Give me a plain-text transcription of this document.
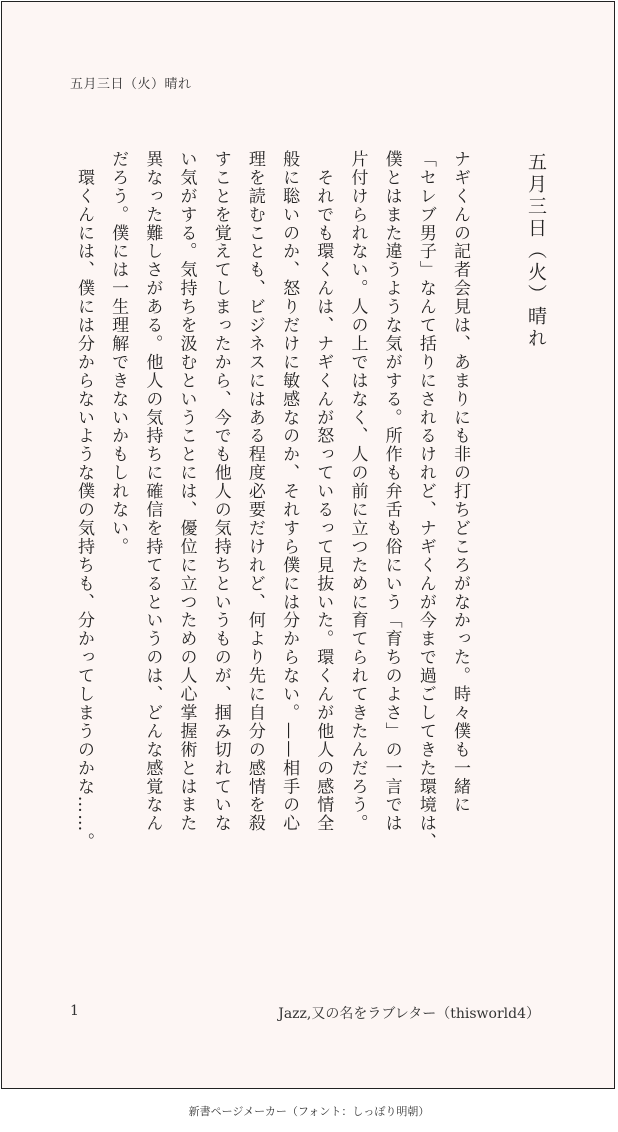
五月三日（火）晴れ
五月三日（火）晴れ
ナギくんの記者会見は、あまりにも非の打ちどころがなかった。時々僕も一緒に
「セレブ男子」なんて括りにされるけれど、ナギくんが今まで過ごしてきた環境は、
僕とはまた違うような気がする。所作も弁舌も俗にいう「育ちのよさ」の一言では
片付けられない。人の上ではなく、人の前に立つために育てられてきたんだろう。
　それでも環くんは、ナギくんが怒っているって見抜いた。環くんが他人の感情全
般に聡いのか、怒りだけに敏感なのか、それすら僕には分からない。——相手の心
理を読むことも、ビジネスにはある程度必要だけれど、何より先に自分の感情を殺
すことを覚えてしまったから、今でも他人の気持ちというものが、掴み切れていな
い気がする。気持ちを汲むということには、優位に立つための人心掌握術とはまた
異なった難しさがある。他人の気持ちに確信を持てるというのは、どんな感覚なん
だろう。僕には一生理解できないかもしれない。
　環くんには、僕には分からないような僕の気持ちも、分かってしまうのかな……。
1	Jazz,又の名をラブレター（thisworld4）
新書ページメーカー（フォント：しっぽり明朝）
